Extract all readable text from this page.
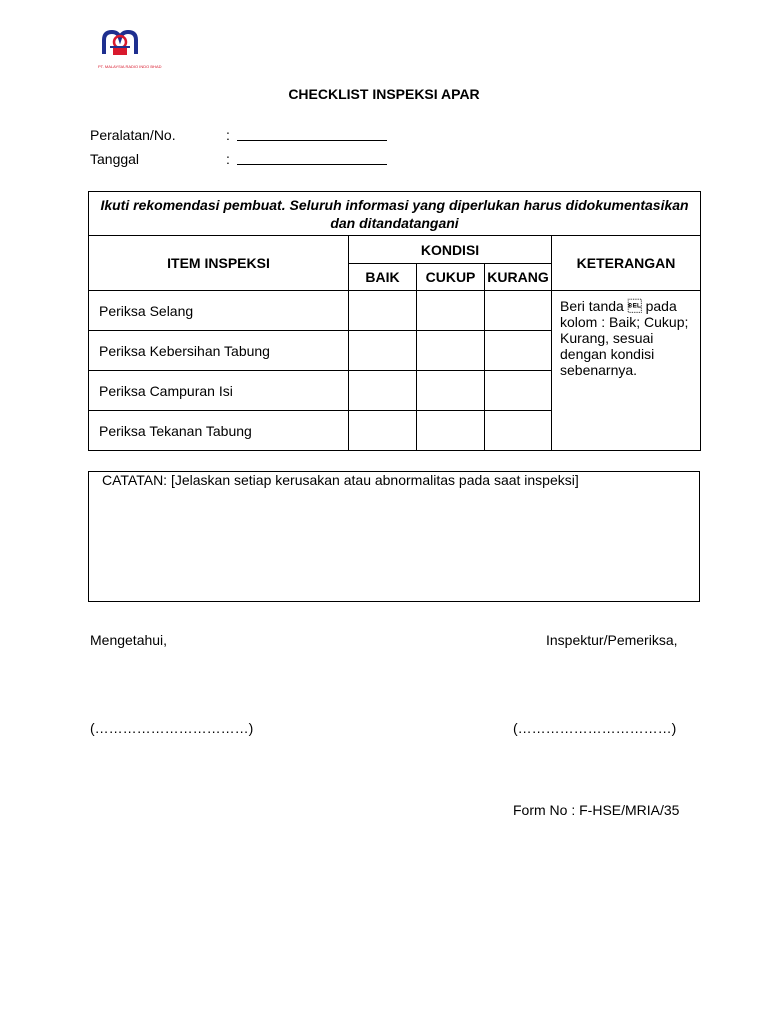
PT. MALAYSIA RADIO INDO BHAD
CHECKLIST INSPEKSI APAR
Peralatan/No.	:
Tanggal	:
Ikuti rekomendasi pembuat. Seluruh informasi yang diperlukan harus didokumentasikan dan ditandatangani				
ITEM INSPEKSI	KONDISI			KETERANGAN
	BAIK	CUKUP	KURANG	
Periksa Selang				Beri tanda  pada kolom : Baik; Cukup; Kurang, sesuai dengan kondisi sebenarnya.
Periksa Kebersihan Tabung				
Periksa Campuran Isi				
Periksa Tekanan Tabung				
CATATAN: [Jelaskan setiap kerusakan atau abnormalitas pada saat inspeksi]
Mengetahui,	Inspektur/Pemeriksa,
(……………………………)	(……………………………)
Form No : F-HSE/MRIA/35
